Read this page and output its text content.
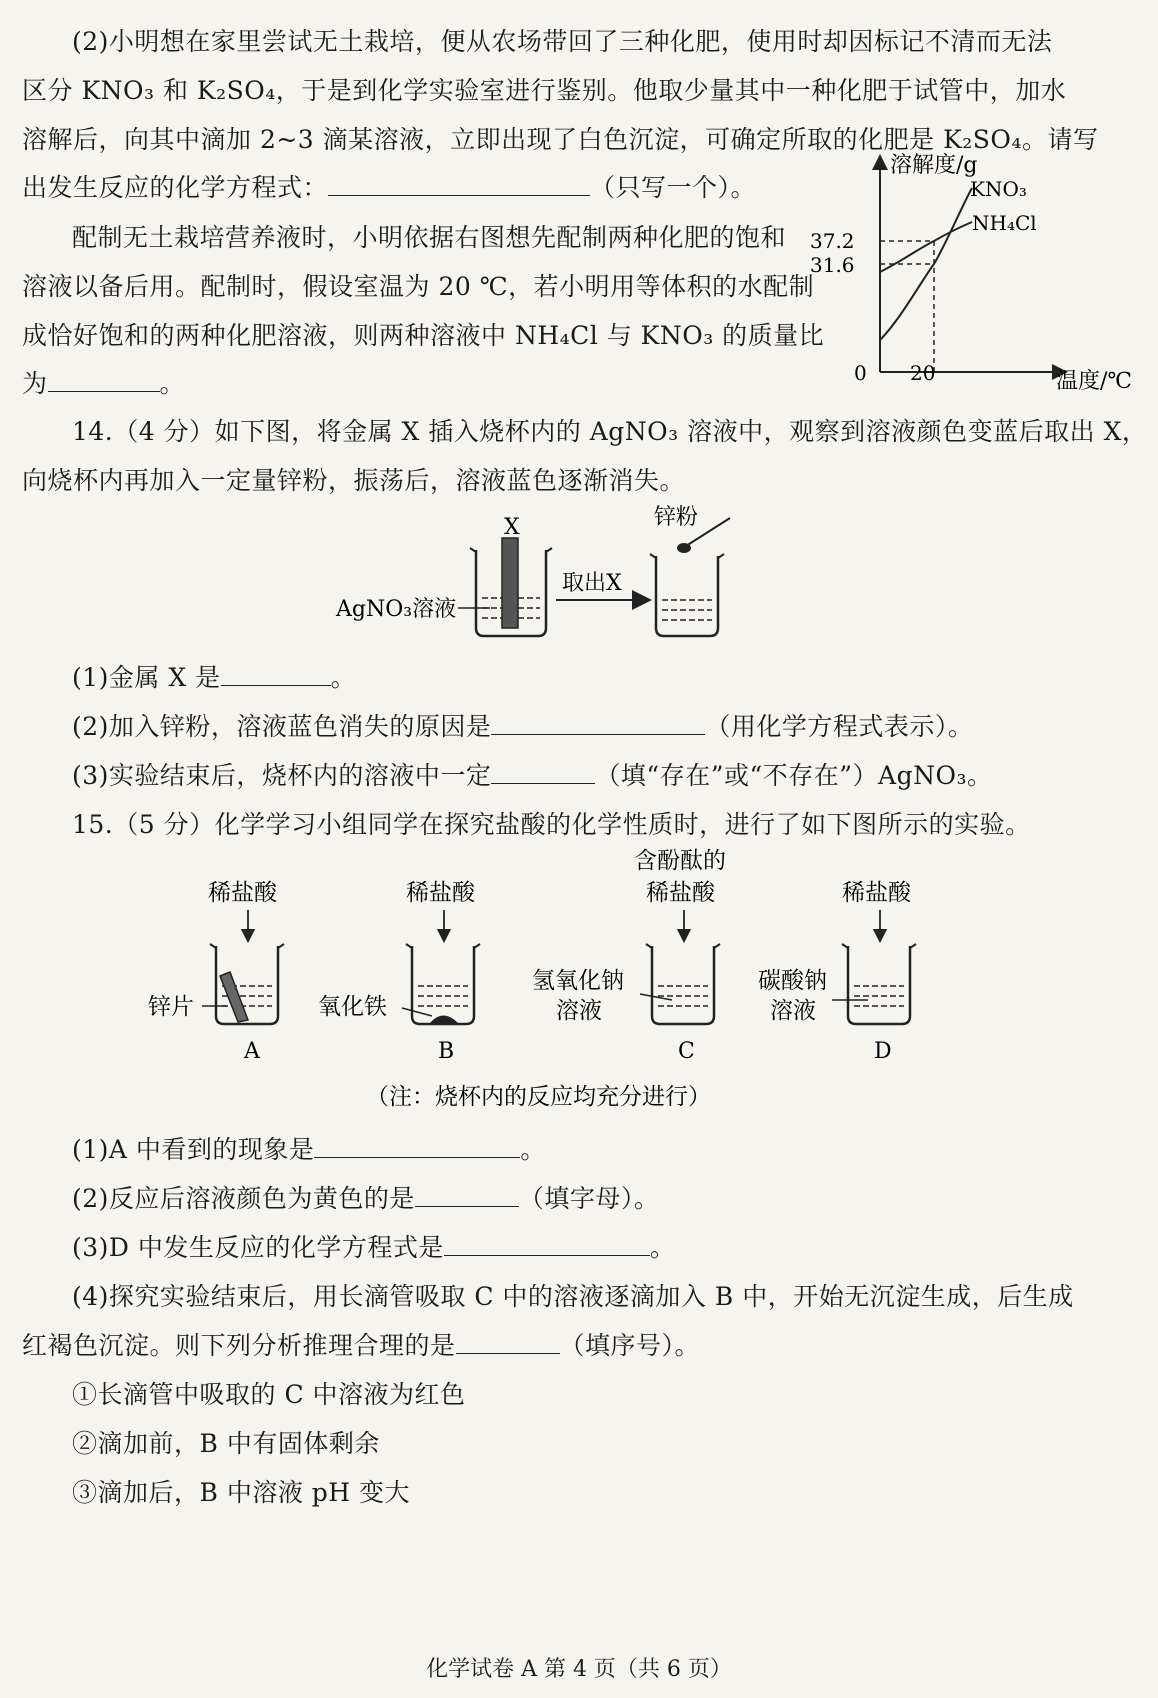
(2)小明想在家里尝试无土栽培，便从农场带回了三种化肥，使用时却因标记不清而无法
区分 KNO₃ 和 K₂SO₄，于是到化学实验室进行鉴别。他取少量其中一种化肥于试管中，加水
溶解后，向其中滴加 2~3 滴某溶液，立即出现了白色沉淀，可确定所取的化肥是 K₂SO₄。请写
出发生反应的化学方程式：	（只写一个）。
配制无土栽培营养液时，小明依据右图想先配制两种化肥的饱和
溶液以备后用。配制时，假设室温为 20 ℃，若小明用等体积的水配制
成恰好饱和的两种化肥溶液，则两种溶液中 NH₄Cl 与 KNO₃ 的质量比
为	。
溶解度/g
温度/℃
0 20
37.2
31.6
KNO₃
NH₄Cl
14.（4 分）如下图，将金属 X 插入烧杯内的 AgNO₃ 溶液中，观察到溶液颜色变蓝后取出 X，
向烧杯内再加入一定量锌粉，振荡后，溶液蓝色逐渐消失。
X
AgNO₃溶液
取出X
锌粉
(1)金属 X 是	。
(2)加入锌粉，溶液蓝色消失的原因是	（用化学方程式表示）。
(3)实验结束后，烧杯内的溶液中一定	（填“存在”或“不存在”）AgNO₃。
15.（5 分）化学学习小组同学在探究盐酸的化学性质时，进行了如下图所示的实验。
稀盐酸
锌片
A
稀盐酸
氧化铁
B
含酚酞的
稀盐酸
氢氧化钠
溶液
C
稀盐酸
碳酸钠
溶液
D
（注：烧杯内的反应均充分进行）
(1)A 中看到的现象是	。
(2)反应后溶液颜色为黄色的是	（填字母）。
(3)D 中发生反应的化学方程式是	。
(4)探究实验结束后，用长滴管吸取 C 中的溶液逐滴加入 B 中，开始无沉淀生成，后生成
红褐色沉淀。则下列分析推理合理的是	（填序号）。
①长滴管中吸取的 C 中溶液为红色
②滴加前，B 中有固体剩余
③滴加后，B 中溶液 pH 变大
化学试卷 A 第 4 页（共 6 页）
